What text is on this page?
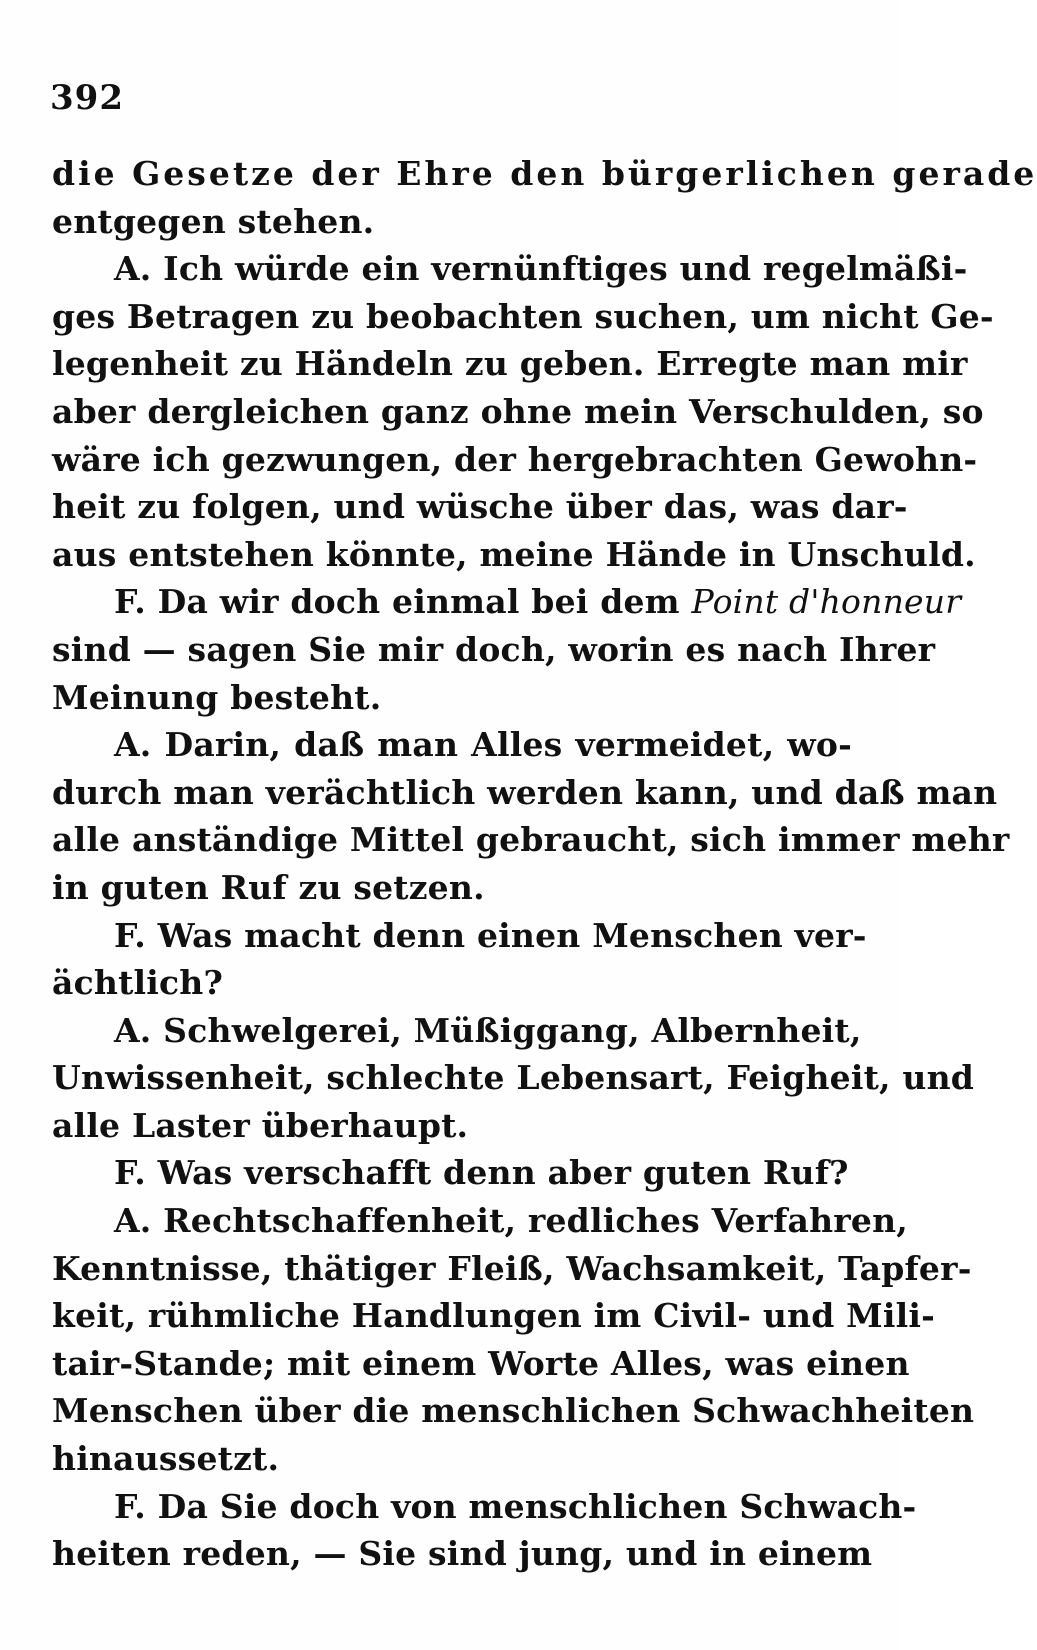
392
die Gesetze der Ehre den bürgerlichen gerade
entgegen stehen.
A. Ich würde ein vernünftiges und regelmäßi-
ges Betragen zu beobachten suchen, um nicht Ge-
legenheit zu Händeln zu geben. Erregte man mir
aber dergleichen ganz ohne mein Verschulden, so
wäre ich gezwungen, der hergebrachten Gewohn-
heit zu folgen, und wüsche über das, was dar-
aus entstehen könnte, meine Hände in Unschuld.
F. Da wir doch einmal bei dem Point d'honneur
sind — sagen Sie mir doch, worin es nach Ihrer
Meinung besteht.
A. Darin, daß man Alles vermeidet, wo-
durch man verächtlich werden kann, und daß man
alle anständige Mittel gebraucht, sich immer mehr
in guten Ruf zu setzen.
F. Was macht denn einen Menschen ver-
ächtlich?
A. Schwelgerei, Müßiggang, Albernheit,
Unwissenheit, schlechte Lebensart, Feigheit, und
alle Laster überhaupt.
F. Was verschafft denn aber guten Ruf?
A. Rechtschaffenheit, redliches Verfahren,
Kenntnisse, thätiger Fleiß, Wachsamkeit, Tapfer-
keit, rühmliche Handlungen im Civil- und Mili-
tair-Stande; mit einem Worte Alles, was einen
Menschen über die menschlichen Schwachheiten
hinaussetzt.
F. Da Sie doch von menschlichen Schwach-
heiten reden, — Sie sind jung, und in einem
